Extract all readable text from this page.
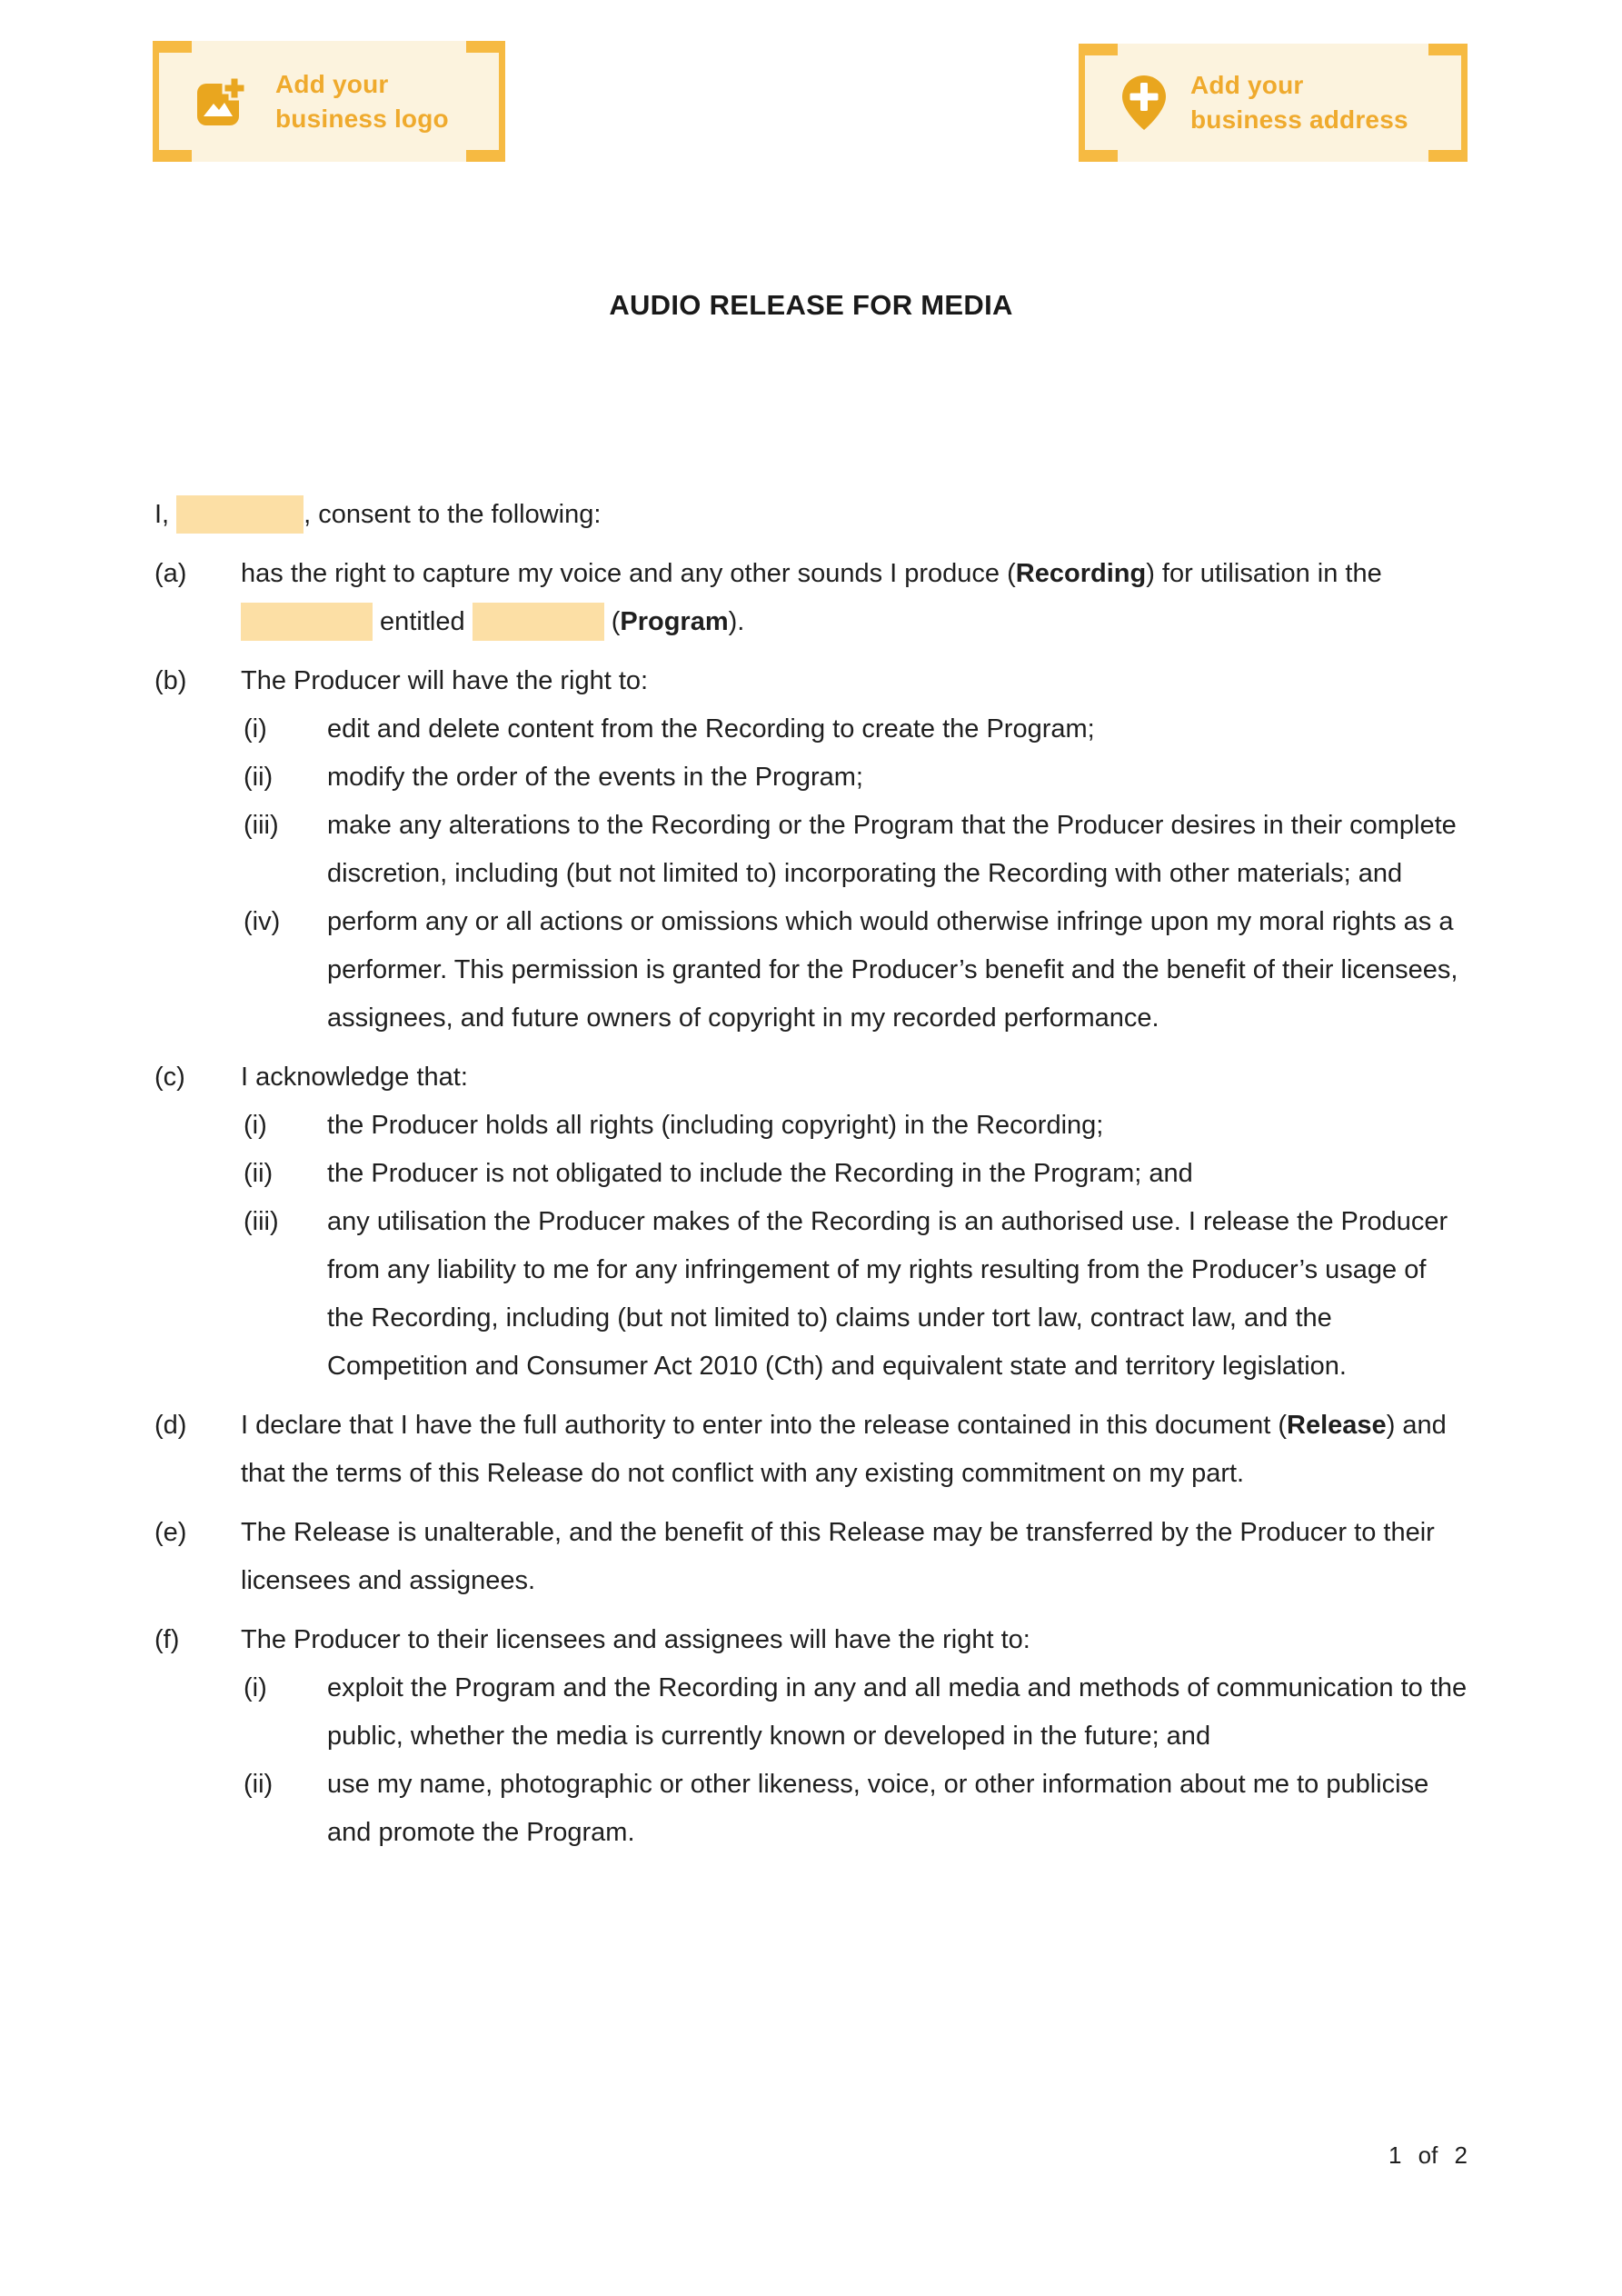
Add your
business logo
Add your
business address
AUDIO RELEASE FOR MEDIA
I,	, consent to the following:
(a) has the right to capture my voice and any other sounds I produce (Recording) for utilisation in the  entitled	(Program).
(b) The Producer will have the right to:
(i) edit and delete content from the Recording to create the Program;
(ii) modify the order of the events in the Program;
(iii) make any alterations to the Recording or the Program that the Producer desires in their complete discretion, including (but not limited to) incorporating the Recording with other materials; and
(iv) perform any or all actions or omissions which would otherwise infringe upon my moral rights as a performer. This permission is granted for the Producer’s benefit and the benefit of their licensees, assignees, and future owners of copyright in my recorded performance.
(c) I acknowledge that:
(i) the Producer holds all rights (including copyright) in the Recording;
(ii) the Producer is not obligated to include the Recording in the Program; and
(iii) any utilisation the Producer makes of the Recording is an authorised use. I release the Producer from any liability to me for any infringement of my rights resulting from the Producer’s usage of the Recording, including (but not limited to) claims under tort law, contract law, and the Competition and Consumer Act 2010 (Cth) and equivalent state and territory legislation.
(d) I declare that I have the full authority to enter into the release contained in this document (Release) and that the terms of this Release do not conflict with any existing commitment on my part.
(e) The Release is unalterable, and the benefit of this Release may be transferred by the Producer to their licensees and assignees.
(f) The Producer to their licensees and assignees will have the right to:
(i) exploit the Program and the Recording in any and all media and methods of communication to the public, whether the media is currently known or developed in the future; and
(ii) use my name, photographic or other likeness, voice, or other information about me to publicise and promote the Program.
1 of 2
